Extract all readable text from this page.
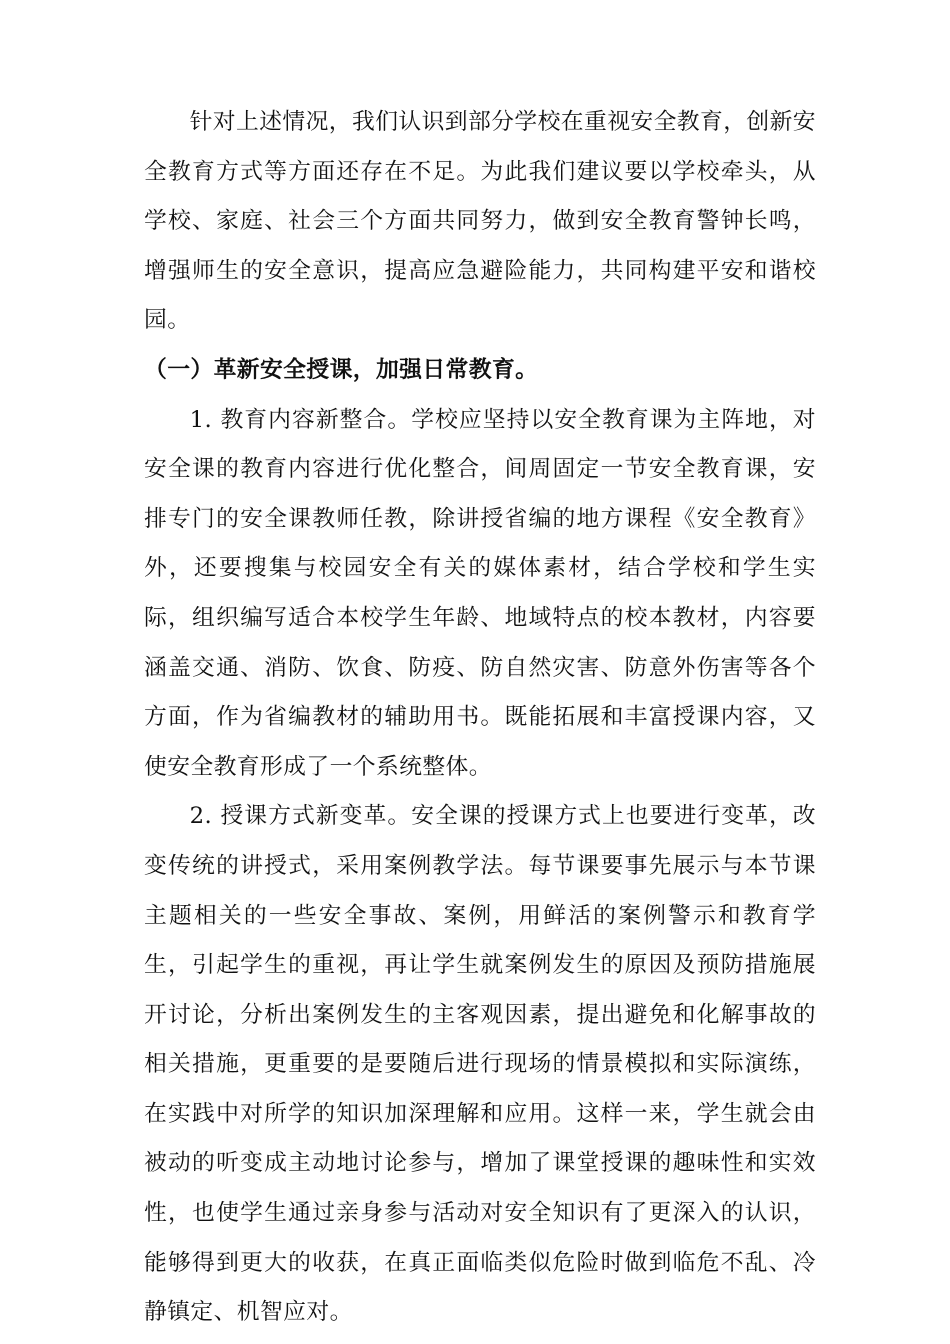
针对上述情况，我们认识到部分学校在重视安全教育，创新安全教育方式等方面还存在不足。为此我们建议要以学校牵头，从学校、家庭、社会三个方面共同努力，做到安全教育警钟长鸣，增强师生的安全意识，提高应急避险能力，共同构建平安和谐校园。

（一）革新安全授课，加强日常教育。

1. 教育内容新整合。学校应坚持以安全教育课为主阵地，对安全课的教育内容进行优化整合，间周固定一节安全教育课，安排专门的安全课教师任教，除讲授省编的地方课程《安全教育》外，还要搜集与校园安全有关的媒体素材，结合学校和学生实际，组织编写适合本校学生年龄、地域特点的校本教材，内容要涵盖交通、消防、饮食、防疫、防自然灾害、防意外伤害等各个方面，作为省编教材的辅助用书。既能拓展和丰富授课内容，又使安全教育形成了一个系统整体。

2. 授课方式新变革。安全课的授课方式上也要进行变革，改变传统的讲授式，采用案例教学法。每节课要事先展示与本节课主题相关的一些安全事故、案例，用鲜活的案例警示和教育学生，引起学生的重视，再让学生就案例发生的原因及预防措施展开讨论，分析出案例发生的主客观因素，提出避免和化解事故的相关措施，更重要的是要随后进行现场的情景模拟和实际演练，在实践中对所学的知识加深理解和应用。这样一来，学生就会由被动的听变成主动地讨论参与，增加了课堂授课的趣味性和实效性，也使学生通过亲身参与活动对安全知识有了更深入的认识，能够得到更大的收获，在真正面临类似危险时做到临危不乱、冷静镇定、机智应对。
